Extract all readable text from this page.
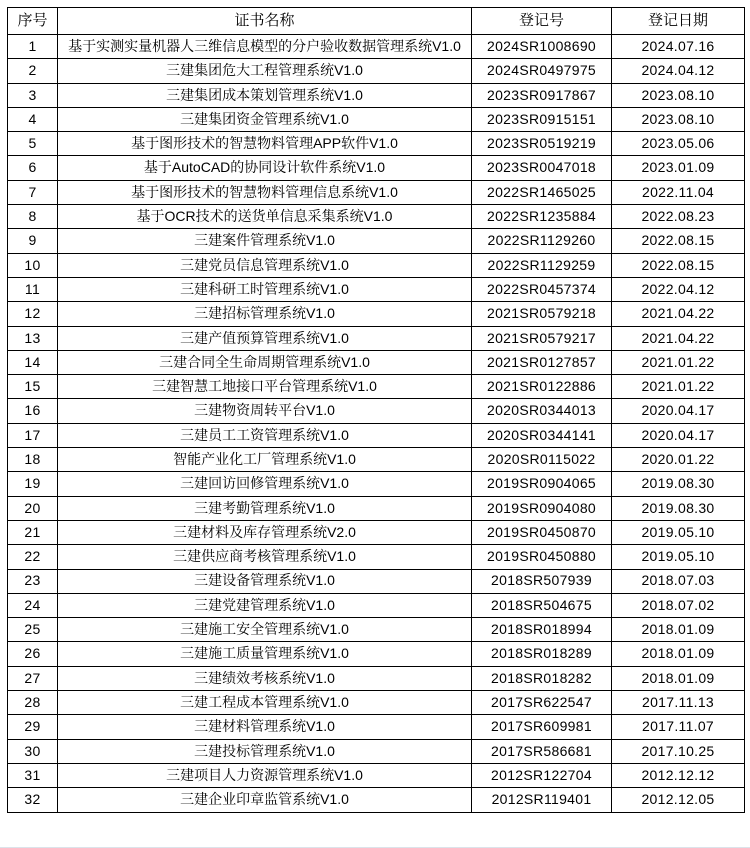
序号	证书名称	登记号	登记日期
1	基于实测实量机器人三维信息模型的分户验收数据管理系统V1.0	2024SR1008690	2024.07.16
2	三建集团危大工程管理系统V1.0	2024SR0497975	2024.04.12
3	三建集团成本策划管理系统V1.0	2023SR0917867	2023.08.10
4	三建集团资金管理系统V1.0	2023SR0915151	2023.08.10
5	基于图形技术的智慧物料管理APP软件V1.0	2023SR0519219	2023.05.06
6	基于AutoCAD的协同设计软件系统V1.0	2023SR0047018	2023.01.09
7	基于图形技术的智慧物料管理信息系统V1.0	2022SR1465025	2022.11.04
8	基于OCR技术的送货单信息采集系统V1.0	2022SR1235884	2022.08.23
9	三建案件管理系统V1.0	2022SR1129260	2022.08.15
10	三建党员信息管理系统V1.0	2022SR1129259	2022.08.15
11	三建科研工时管理系统V1.0	2022SR0457374	2022.04.12
12	三建招标管理系统V1.0	2021SR0579218	2021.04.22
13	三建产值预算管理系统V1.0	2021SR0579217	2021.04.22
14	三建合同全生命周期管理系统V1.0	2021SR0127857	2021.01.22
15	三建智慧工地接口平台管理系统V1.0	2021SR0122886	2021.01.22
16	三建物资周转平台V1.0	2020SR0344013	2020.04.17
17	三建员工工资管理系统V1.0	2020SR0344141	2020.04.17
18	智能产业化工厂管理系统V1.0	2020SR0115022	2020.01.22
19	三建回访回修管理系统V1.0	2019SR0904065	2019.08.30
20	三建考勤管理系统V1.0	2019SR0904080	2019.08.30
21	三建材料及库存管理系统V2.0	2019SR0450870	2019.05.10
22	三建供应商考核管理系统V1.0	2019SR0450880	2019.05.10
23	三建设备管理系统V1.0	2018SR507939	2018.07.03
24	三建党建管理系统V1.0	2018SR504675	2018.07.02
25	三建施工安全管理系统V1.0	2018SR018994	2018.01.09
26	三建施工质量管理系统V1.0	2018SR018289	2018.01.09
27	三建绩效考核系统V1.0	2018SR018282	2018.01.09
28	三建工程成本管理系统V1.0	2017SR622547	2017.11.13
29	三建材料管理系统V1.0	2017SR609981	2017.11.07
30	三建投标管理系统V1.0	2017SR586681	2017.10.25
31	三建项目人力资源管理系统V1.0	2012SR122704	2012.12.12
32	三建企业印章监管系统V1.0	2012SR119401	2012.12.05
